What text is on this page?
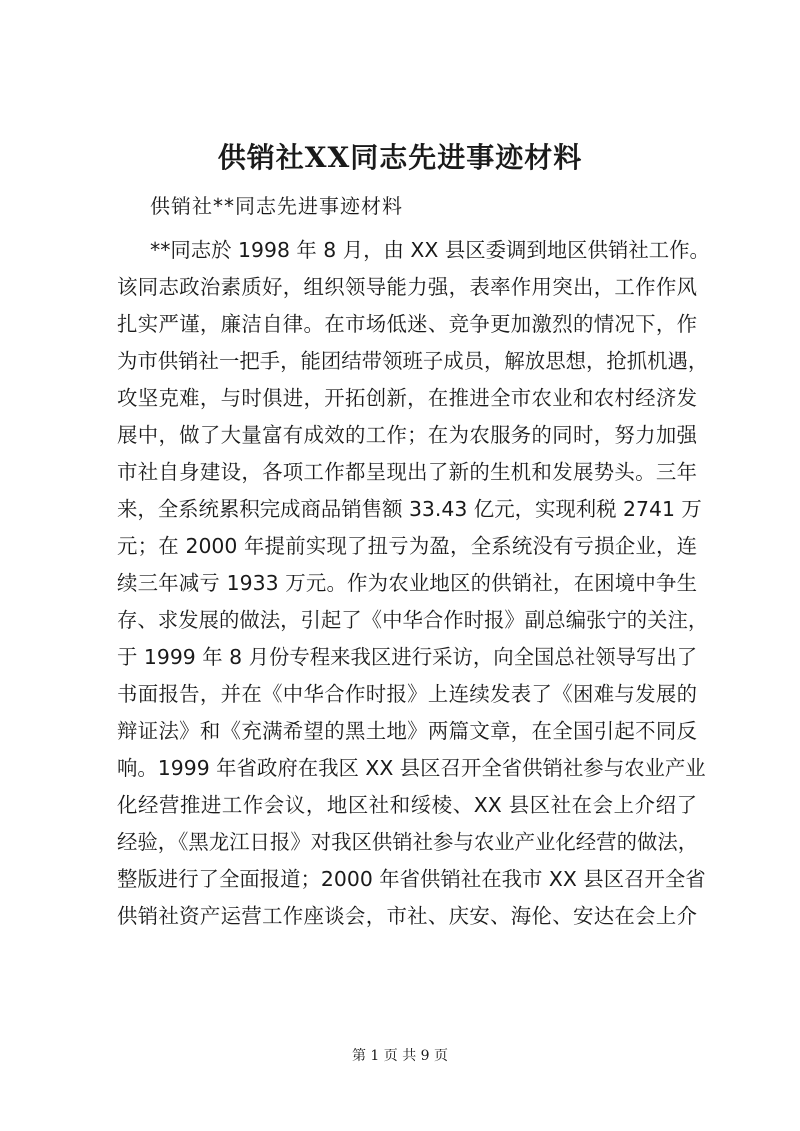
供销社XX同志先进事迹材料
供销社**同志先进事迹材料
**同志於 1998 年 8 月，由 XX 县区委调到地区供销社工作。
该同志政治素质好，组织领导能力强，表率作用突出，工作作风
扎实严谨，廉洁自律。在市场低迷、竞争更加激烈的情况下，作
为市供销社一把手，能团结带领班子成员，解放思想，抢抓机遇，
攻坚克难，与时俱进，开拓创新，在推进全市农业和农村经济发
展中，做了大量富有成效的工作；在为农服务的同时，努力加强
市社自身建设，各项工作都呈现出了新的生机和发展势头。三年
来，全系统累积完成商品销售额 33.43 亿元，实现利税 2741 万
元；在 2000 年提前实现了扭亏为盈，全系统没有亏损企业，连
续三年减亏 1933 万元。作为农业地区的供销社，在困境中争生
存、求发展的做法，引起了《中华合作时报》副总编张宁的关注，
于 1999 年 8 月份专程来我区进行采访，向全国总社领导写出了
书面报告，并在《中华合作时报》上连续发表了《困难与发展的
辩证法》和《充满希望的黑土地》两篇文章，在全国引起不同反
响。1999 年省政府在我区 XX 县区召开全省供销社参与农业产业
化经营推进工作会议，地区社和绥棱、XX 县区社在会上介绍了
经验，《黑龙江日报》对我区供销社参与农业产业化经营的做法，
整版进行了全面报道；2000 年省供销社在我市 XX 县区召开全省
供销社资产运营工作座谈会，市社、庆安、海伦、安达在会上介
第 1 页 共 9 页
